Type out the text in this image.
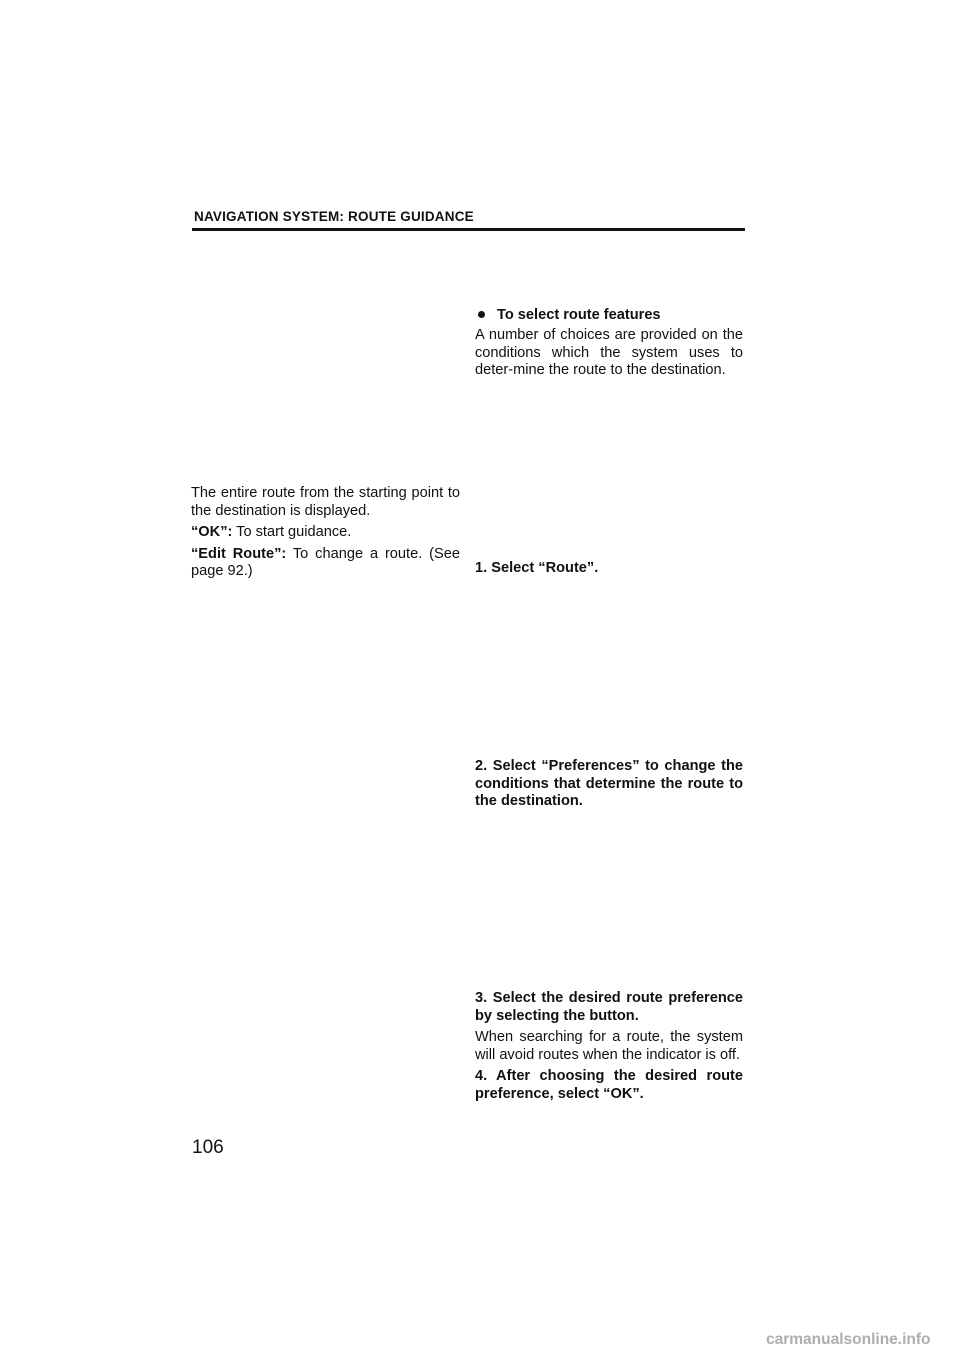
NAVIGATION SYSTEM: ROUTE GUIDANCE

The entire route from the starting point to the destination is displayed.

“OK”: To start guidance.

“Edit Route”: To change a route. (See page 92.)

To select route features

A number of choices are provided on the conditions which the system uses to deter-mine the route to the destination.

1. Select “Route”.

2. Select “Preferences” to change the conditions that determine the route to the destination.

3. Select the desired route preference by selecting the button.

When searching for a route, the system will avoid routes when the indicator is off.

4. After choosing the desired route preference, select “OK”.

106
carmanualsonline.info
